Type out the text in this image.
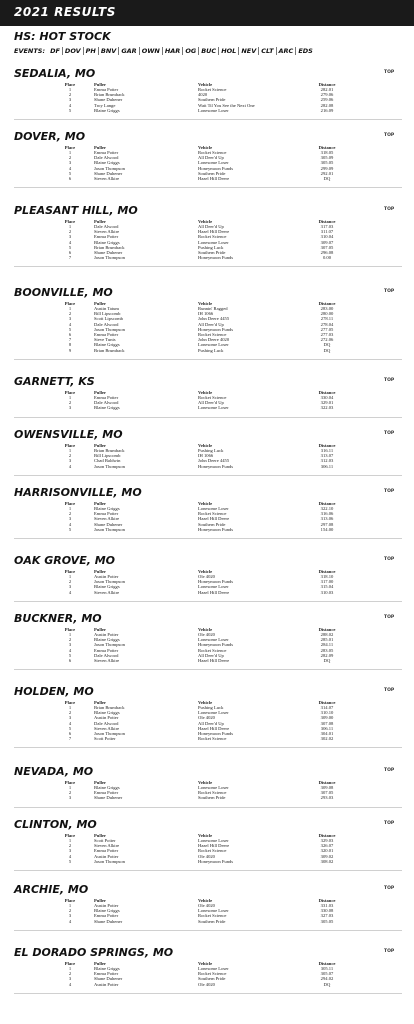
2021 RESULTS
HS: HOT STOCK
EVENTS: DF DOV PH BNV GAR OWN HAR OG BUC HOL NEV CLT ARC EDS
SEDALIA, MO	TOP
Place	Puller	Vehicle	Distance
1	Emma Potter	Rocket Science	282.01
2	Brian Brumback	4020	279.06
3	Shane Duhener	Southern Pride	259.06
4	Troy Lange	Wait Til You See the Next One	282.08
5	Blaine Griggs	Lonesome Loser	216.09
DOVER, MO	TOP
Place	Puller	Vehicle	Distance
1	Emma Potter	Rocket Science	318.05
2	Dale Alwood	All Deer'd Up	305.09
3	Blaine Griggs	Lonesome Loser	305.05
4	Jason Thompson	Honeymoon Funds	299.09
5	Shane Duhener	Southern Pride	292.01
6	Steven Alkire	Hazel Hill Deere	DQ
PLEASANT HILL, MO	TOP
Place	Puller	Vehicle	Distance
1	Dale Alwood	All Deer'd Up	317.03
2	Steven Alkire	Hazel Hill Deere	311.07
3	Emma Potter	Rocket Science	310.04
4	Blaine Griggs	Lonesome Loser	309.07
5	Brian Brumback	Pushing Luck	307.05
6	Shane Duhener	Southern Pride	296.08
7	Jason Thompson	Honeymoon Funds	0.00
BOONVILLE, MO	TOP
Place	Puller	Vehicle	Distance
1	Austin Tatum	Runnin' Ragged	283.00
2	Bill Lipscomb	IH 1066	280.00
3	Scott Lipscomb	John Deere 4455	278.11
4	Dale Alwood	All Deer'd Up	278.04
5	Jason Thompson	Honeymoon Funds	277.05
6	Emma Potter	Rocket Science	277.03
7	Steve Tunis	John Deere 4020	272.06
8	Blaine Griggs	Lonesome Loser	DQ
9	Brian Brumback	Pushing Luck	DQ
GARNETT, KS	TOP
Place	Puller	Vehicle	Distance
1	Emma Potter	Rocket Science	330.04
2	Dale Alwood	All Deer'd Up	329.01
3	Blaine Griggs	Lonesome Loser	322.03
OWENSVILLE, MO	TOP
Place	Puller	Vehicle	Distance
1	Brian Brumback	Pushing Luck	316.11
2	Bill Lipscomb	IH 1066	313.07
3	Chad Baldwin	John Deere 4455	312.03
4	Jason Thompson	Honeymoon Funds	306.11
HARRISONVILLE, MO	TOP
Place	Puller	Vehicle	Distance
1	Blaine Griggs	Lonesome Loser	322.10
2	Emma Potter	Rocket Science	316.06
3	Steven Alkire	Hazel Hill Deere	313.06
4	Shane Duhener	Southern Pride	297.08
5	Jason Thompson	Honeymoon Funds	154.00
OAK GROVE, MO	TOP
Place	Puller	Vehicle	Distance
1	Austin Potter	Ole 4020	318.10
2	Jason Thompson	Honeymoon Funds	317.00
3	Blaine Griggs	Lonesome Loser	315.04
4	Steven Alkire	Hazel Hill Deere	310.03
BUCKNER, MO	TOP
Place	Puller	Vehicle	Distance
1	Austin Potter	Ole 4020	288.02
2	Blaine Griggs	Lonesome Loser	285.01
3	Jason Thompson	Honeymoon Funds	284.11
4	Emma Potter	Rocket Science	283.05
5	Dale Alwood	All Deer'd Up	282.09
6	Steven Alkire	Hazel Hill Deere	DQ
HOLDEN, MO	TOP
Place	Puller	Vehicle	Distance
1	Brian Brumback	Pushing Luck	314.07
2	Blaine Griggs	Lonesome Loser	310.10
3	Austin Potter	Ole 4020	309.00
4	Dale Alwood	All Deer'd Up	307.08
5	Steven Alkire	Hazel Hill Deere	306.11
6	Jason Thompson	Honeymoon Funds	304.01
7	Scott Potter	Rocket Science	302.02
NEVADA, MO	TOP
Place	Puller	Vehicle	Distance
1	Blaine Griggs	Lonesome Loser	309.08
2	Emma Potter	Rocket Science	307.05
3	Shane Duhener	Southern Pride	293.03
CLINTON, MO	TOP
Place	Puller	Vehicle	Distance
1	Scott Potter	Lonesome Loser	329.03
2	Steven Alkire	Hazel Hill Deere	326.07
3	Emma Potter	Rocket Science	320.01
4	Austin Potter	Ole 4020	309.02
5	Jason Thompson	Honeymoon Funds	308.02
ARCHIE, MO	TOP
Place	Puller	Vehicle	Distance
1	Austin Potter	Ole 4020	331.03
2	Blaine Griggs	Lonesome Loser	330.08
3	Emma Potter	Rocket Science	327.03
4	Shane Duhener	Southern Pride	305.05
EL DORADO SPRINGS, MO	TOP
Place	Puller	Vehicle	Distance
1	Blaine Griggs	Lonesome Loser	305.11
2	Emma Potter	Rocket Science	305.07
3	Shane Duhener	Southern Pride	294.02
4	Austin Potter	Ole 4020	DQ
